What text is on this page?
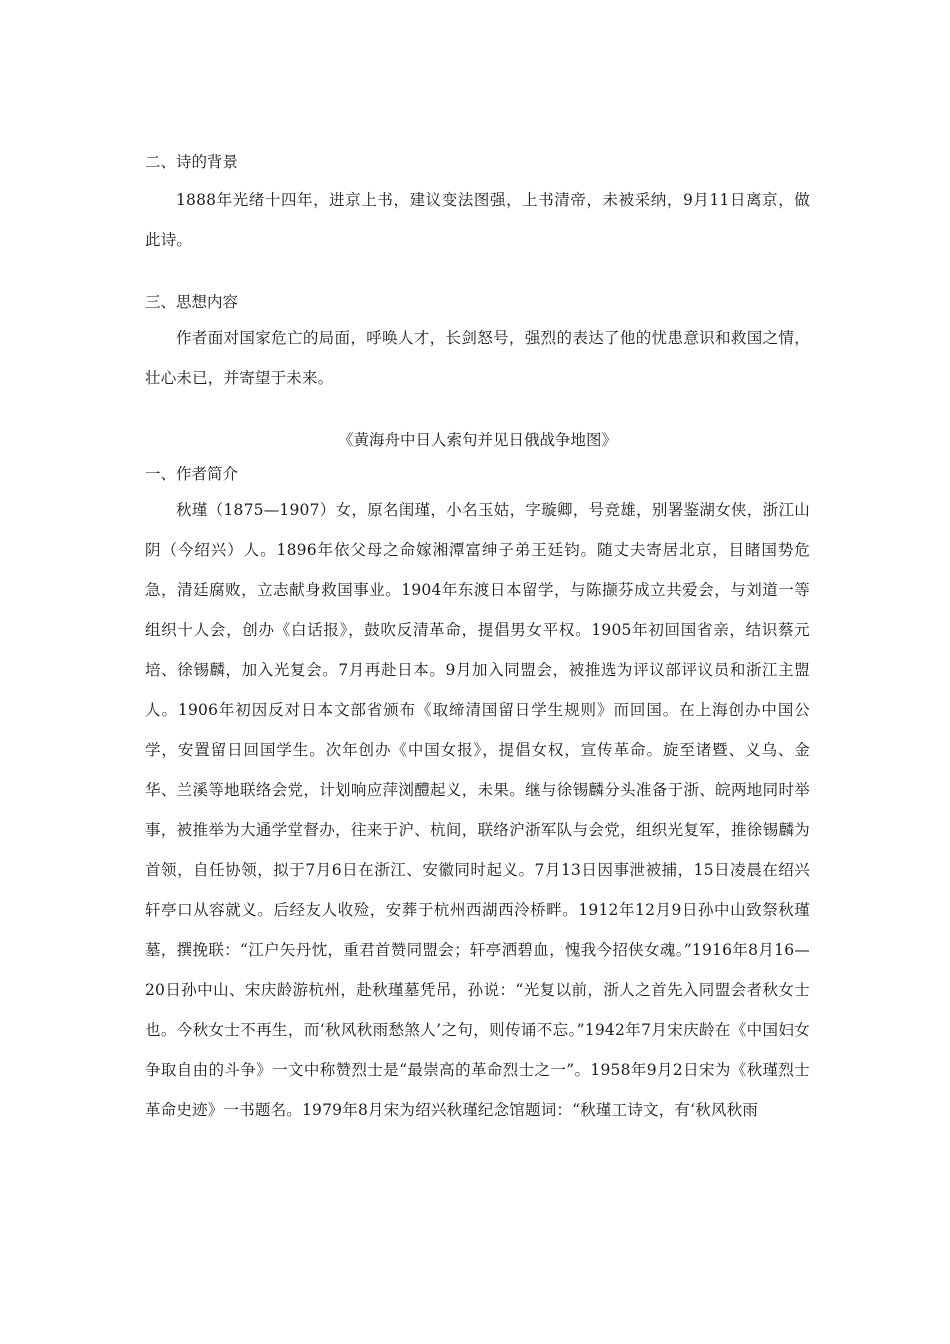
二、诗的背景

1888年光绪十四年，进京上书，建议变法图强，上书清帝，未被采纳，9月11日离京，做此诗。

三、思想内容

作者面对国家危亡的局面，呼唤人才，长剑怒号，强烈的表达了他的忧患意识和救国之情，壮心未已，并寄望于未来。

《黄海舟中日人索句并见日俄战争地图》
一、作者简介

秋瑾（1875—1907）女，原名闺瑾，小名玉姑，字璇卿，号竞雄，别署鉴湖女侠，浙江山阴（今绍兴）人。1896年依父母之命嫁湘潭富绅子弟王廷钧。随丈夫寄居北京，目睹国势危急，清廷腐败，立志献身救国事业。1904年东渡日本留学，与陈撷芬成立共爱会，与刘道一等组织十人会，创办《白话报》，鼓吹反清革命，提倡男女平权。1905年初回国省亲，结识蔡元培、徐锡麟，加入光复会。7月再赴日本。9月加入同盟会，被推选为评议部评议员和浙江主盟人。1906年初因反对日本文部省颁布《取缔清国留日学生规则》而回国。在上海创办中国公学，安置留日回国学生。次年创办《中国女报》，提倡女权，宣传革命。旋至诸暨、义乌、金华、兰溪等地联络会党，计划响应萍浏醴起义，未果。继与徐锡麟分头准备于浙、皖两地同时举事，被推举为大通学堂督办，往来于沪、杭间，联络沪浙军队与会党，组织光复军，推徐锡麟为首领，自任协领，拟于7月6日在浙江、安徽同时起义。7月13日因事泄被捕，15日凌晨在绍兴轩亭口从容就义。后经友人收殓，安葬于杭州西湖西泠桥畔。1912年12月9日孙中山致祭秋瑾墓，撰挽联：“江户矢丹忱，重君首赞同盟会；轩亭洒碧血，愧我今招侠女魂。”1916年8月16—20日孙中山、宋庆龄游杭州，赴秋瑾墓凭吊，孙说：“光复以前，浙人之首先入同盟会者秋女士也。今秋女士不再生，而‘秋风秋雨愁煞人’之句，则传诵不忘。”1942年7月宋庆龄在《中国妇女争取自由的斗争》一文中称赞烈士是“最崇高的革命烈士之一”。1958年9月2日宋为《秋瑾烈士革命史迹》一书题名。1979年8月宋为绍兴秋瑾纪念馆题词：“秋瑾工诗文，有‘秋风秋雨
